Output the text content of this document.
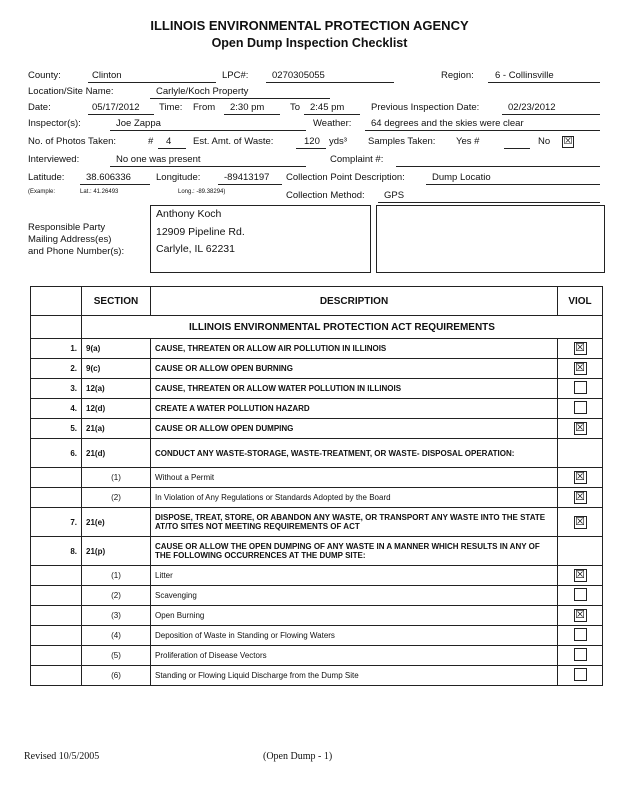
ILLINOIS ENVIRONMENTAL PROTECTION AGENCY
Open Dump Inspection Checklist
County:	Clinton	LPC#: 0270305055	Region: 6 - Collinsville
Location/Site Name:	Carlyle/Koch Property
Date:	05/17/2012 Time: From 2:30 pm	To 2:45 pm	Previous Inspection Date:	02/23/2012
Inspector(s):	Joe Zappa	Weather: 64 degrees and the skies were clear
No. of Photos Taken:	# 4 Est. Amt. of Waste:	120 yds³ Samples Taken: Yes #	No ☒
Interviewed:	No one was present	Complaint #:
Latitude: 38.606336	Longitude: -89413197 Collection Point Description:	Dump Locatio
(Example:	Lat.: 41.26493	Long.: -89.38294)	Collection Method: GPS
Responsible Party
Mailing Address(es)
and Phone Number(s):
Anthony Koch
12909 Pipeline Rd.
Carlyle, IL 62231
	SECTION	DESCRIPTION	VIOL
	ILLINOIS ENVIRONMENTAL PROTECTION ACT REQUIREMENTS		
1.	9(a)	CAUSE, THREATEN OR ALLOW AIR POLLUTION IN ILLINOIS	☒
2.	9(c)	CAUSE OR ALLOW OPEN BURNING	☒
3.	12(a)	CAUSE, THREATEN OR ALLOW WATER POLLUTION IN ILLINOIS	
4.	12(d)	CREATE A WATER POLLUTION HAZARD	
5.	21(a)	CAUSE OR ALLOW OPEN DUMPING	☒
6.	21(d)	CONDUCT ANY WASTE-STORAGE, WASTE-TREATMENT, OR WASTE- DISPOSAL OPERATION:	
	(1)	Without a Permit	☒
	(2)	In Violation of Any Regulations or Standards Adopted by the Board	☒
7.	21(e)	DISPOSE, TREAT, STORE, OR ABANDON ANY WASTE, OR TRANSPORT ANY WASTE INTO THE STATE AT/TO SITES NOT MEETING REQUIREMENTS OF ACT	☒
8.	21(p)	CAUSE OR ALLOW THE OPEN DUMPING OF ANY WASTE IN A MANNER WHICH RESULTS IN ANY OF THE FOLLOWING OCCURRENCES AT THE DUMP SITE:	
	(1)	Litter	☒
	(2)	Scavenging	
	(3)	Open Burning	☒
	(4)	Deposition of Waste in Standing or Flowing Waters	
	(5)	Proliferation of Disease Vectors	
	(6)	Standing or Flowing Liquid Discharge from the Dump Site	
Revised 10/5/2005	(Open Dump - 1)
